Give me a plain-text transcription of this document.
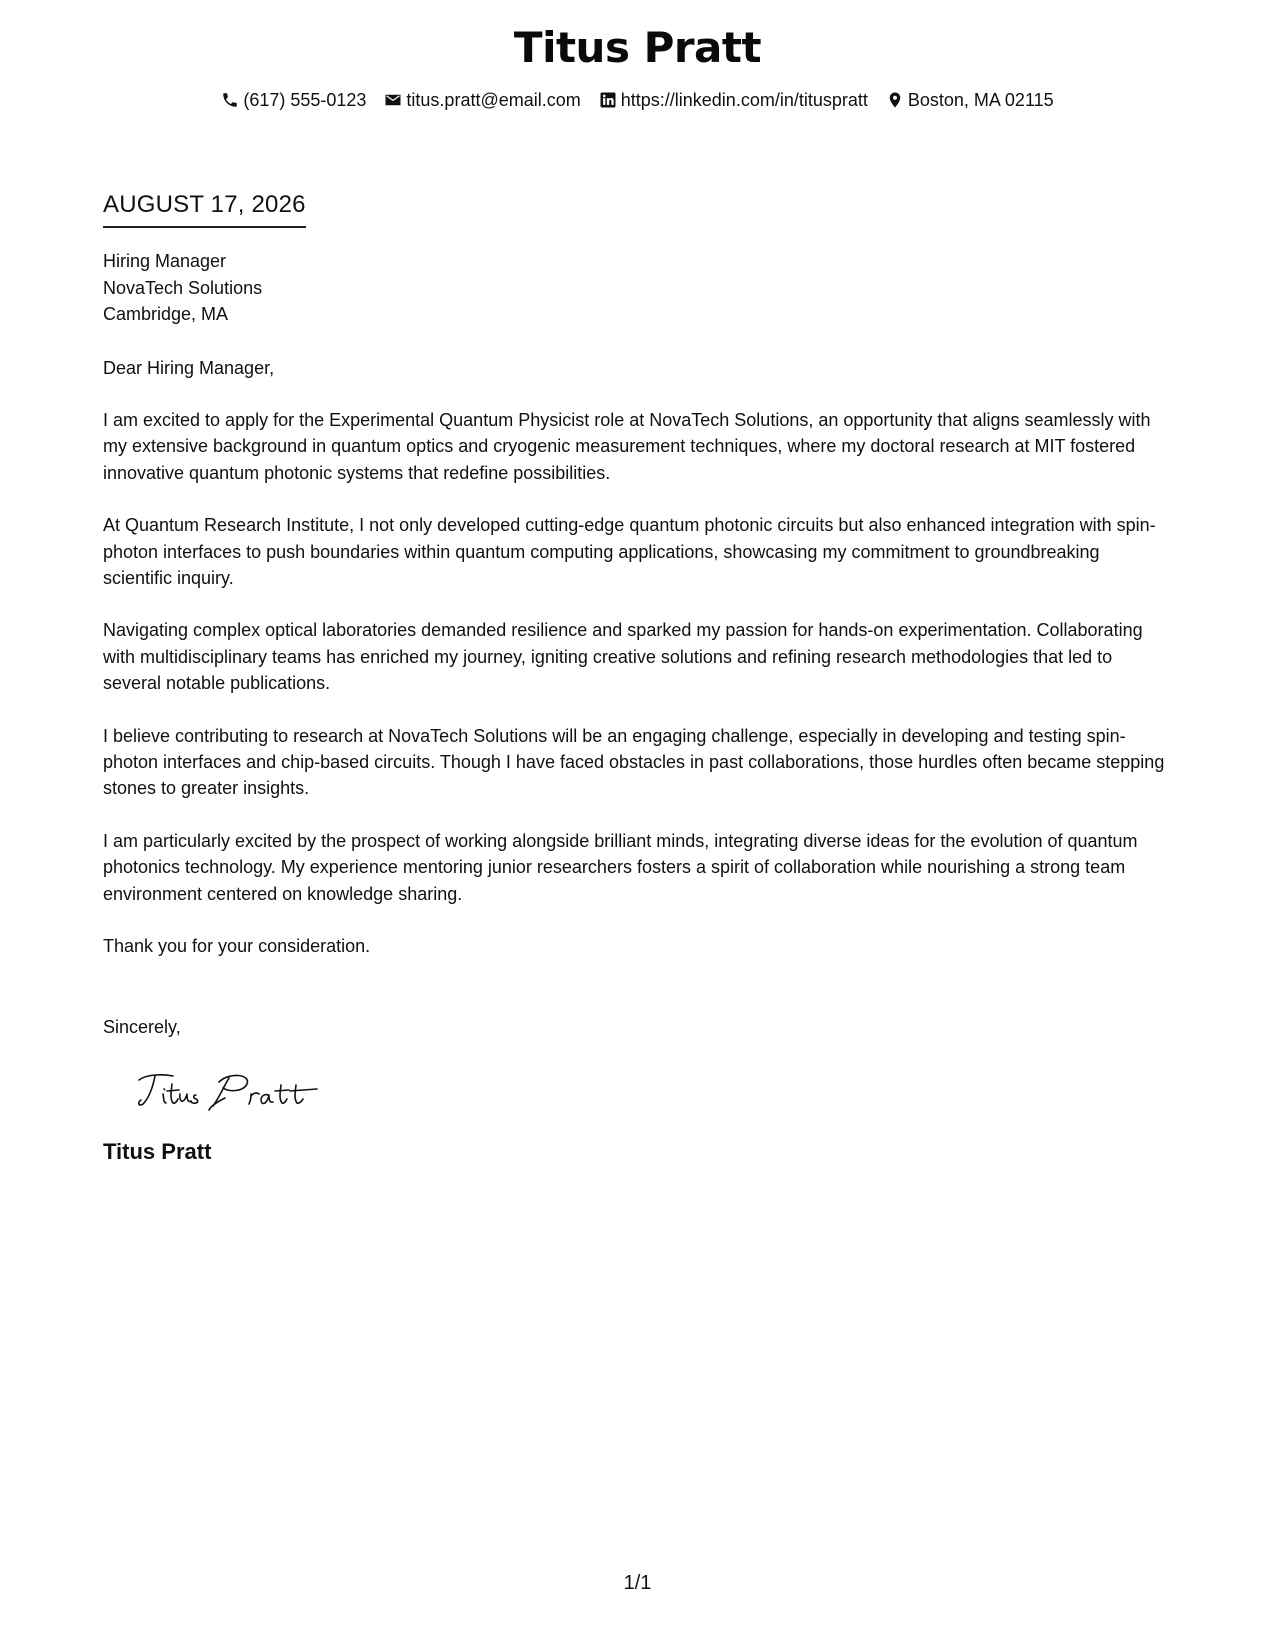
Titus Pratt
(617) 555-0123 titus.pratt@email.com https://linkedin.com/in/tituspratt Boston, MA 02115
AUGUST 17, 2026
Hiring Manager
NovaTech Solutions
Cambridge, MA
Dear Hiring Manager,

I am excited to apply for the Experimental Quantum Physicist role at NovaTech Solutions, an opportunity that aligns seamlessly with my extensive background in quantum optics and cryogenic measurement techniques, where my doctoral research at MIT fostered innovative quantum photonic systems that redefine possibilities.

At Quantum Research Institute, I not only developed cutting-edge quantum photonic circuits but also enhanced integration with spin-photon interfaces to push boundaries within quantum computing applications, showcasing my commitment to groundbreaking scientific inquiry.

Navigating complex optical laboratories demanded resilience and sparked my passion for hands-on experimentation. Collaborating with multidisciplinary teams has enriched my journey, igniting creative solutions and refining research methodologies that led to several notable publications.

I believe contributing to research at NovaTech Solutions will be an engaging challenge, especially in developing and testing spin-photon interfaces and chip-based circuits. Though I have faced obstacles in past collaborations, those hurdles often became stepping stones to greater insights.

I am particularly excited by the prospect of working alongside brilliant minds, integrating diverse ideas for the evolution of quantum photonics technology. My experience mentoring junior researchers fosters a spirit of collaboration while nourishing a strong team environment centered on knowledge sharing.

Thank you for your consideration.
Sincerely,
Titus Pratt
1/1
